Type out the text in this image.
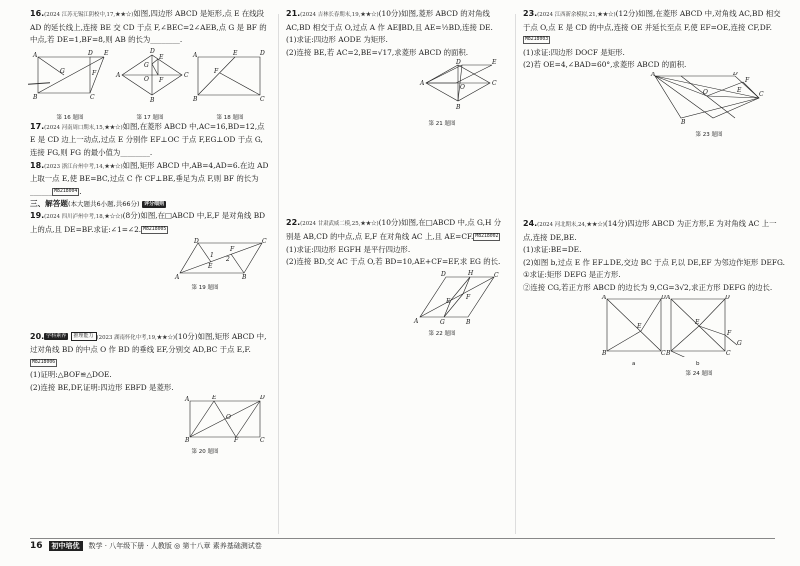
16.(2024 江苏无锡江阴校中,17,★★☆)如图,四边形 ABCD 是矩形,点 E 在线段 AD 的延长线上,连接 BE 交 CD 于点 F,∠BEC=2∠AEB,点 G 是 BF 的中点,若 DE=1,BF=8,则 AB 的长为________.

A	D E
B	C
F
G
A
D
E
C
B
G
O F
A	E	D
B	C
F
第 16 题图	第 17 题图	第 18 题图

17.(2024 河南周口期末,15,★★☆)如图,在菱形 ABCD 中,AC=16,BD=12,点 E 是 CD 边上一动点,过点 E 分别作 EF⊥OC 于点 F,EG⊥OD 于点 G,连接 FG,则 FG 的最小值为________.

18.(2023 浙江台州中考,14,★★☆)如图,矩形 ABCD 中,AB=4,AD=6.在边 AD 上取一点 E,使 BE=BC,过点 C 作 CF⊥BE,垂足为点 F,则 BF 的长为______ M8218004 .

三、解答题(本大题共6小题,共66分) 评分细则

19.(2024 四川泸州中考,18,★☆☆)(8分)如图,在□ABCD 中,E,F 是对角线 BD 上的点,且 DE=BF.求证:∠1=∠2. M8218005

A	B
C
D
E
F
1
2
第 19 题图

20. 学科素养 推理能力 (2023 湖南怀化中考,19,★★☆)(10分)如图,矩形 ABCD 中,过对角线 BD 的中点 O 作 BD 的垂线 EF,分别交 AD,BC 于点 E,F.M8218006
(1)证明:△BOF≌△DOE.
(2)连接 BE,DF,证明:四边形 EBFD 是菱形.

A	E	D
O
B	F	C
第 20 题图

21.(2024 吉林长春期末,19,★★☆)(10分)如图,菱形 ABCD 的对角线 AC,BD 相交于点 O,过点 A 作 AE∥BD,且 AE=½BD,连接 DE.
(1)求证:四边形 AODE 为矩形.
(2)连接 BE,若 AC=2,BE=√17,求菱形 ABCD 的面积.

A
D	E
C
B
O
第 21 题图

22.(2024 甘肃武威二模,25,★★☆)(10分)如图,在□ABCD 中,点 G,H 分别是 AB,CD 的中点,点 E,F 在对角线 AC 上,且 AE=CF. M8218002
(1)求证:四边形 EGFH 是平行四边形.
(2)连接 BD,交 AC 于点 O,若 BD=10,AE+CF=EF,求 EG 的长.

A	G	B
C
H
D
E
F
第 22 题图

23.(2024 江西新余模拟,21,★★☆)(12分)如图,在菱形 ABCD 中,对角线 AC,BD 相交于点 O,点 E 是 CD 的中点,连接 OE 并延长至点 F,使 EF=OE,连接 CF,DF.M8218003
(1)求证:四边形 DOCF 是矩形.
(2)若 OE=4,∠BAD=60°,求菱形 ABCD 的面积.

A	D
C
O
F
E
B
第 23 题图

24.(2024 河北期末,24,★★☆)(14分)四边形 ABCD 为正方形,E 为对角线 AC 上一点,连接 DE,BE.
(1)求证:BE=DE.
(2)如图 b,过点 E 作 EF⊥DE,交边 BC 于点 F,以 DE,EF 为邻边作矩形 DEFG.
①求证:矩形 DEFG 是正方形.
②连接 CG,若正方形 ABCD 的边长为 9,CG=3√2,求正方形 DEFG 的边长.

A	D
B	C
E
A	D
B	C
E
F
G
a	b
第 24 题图
16 初中培优 数学 · 八年级下册 · 人教版 ◎ 第十八章 素养基础测试卷
